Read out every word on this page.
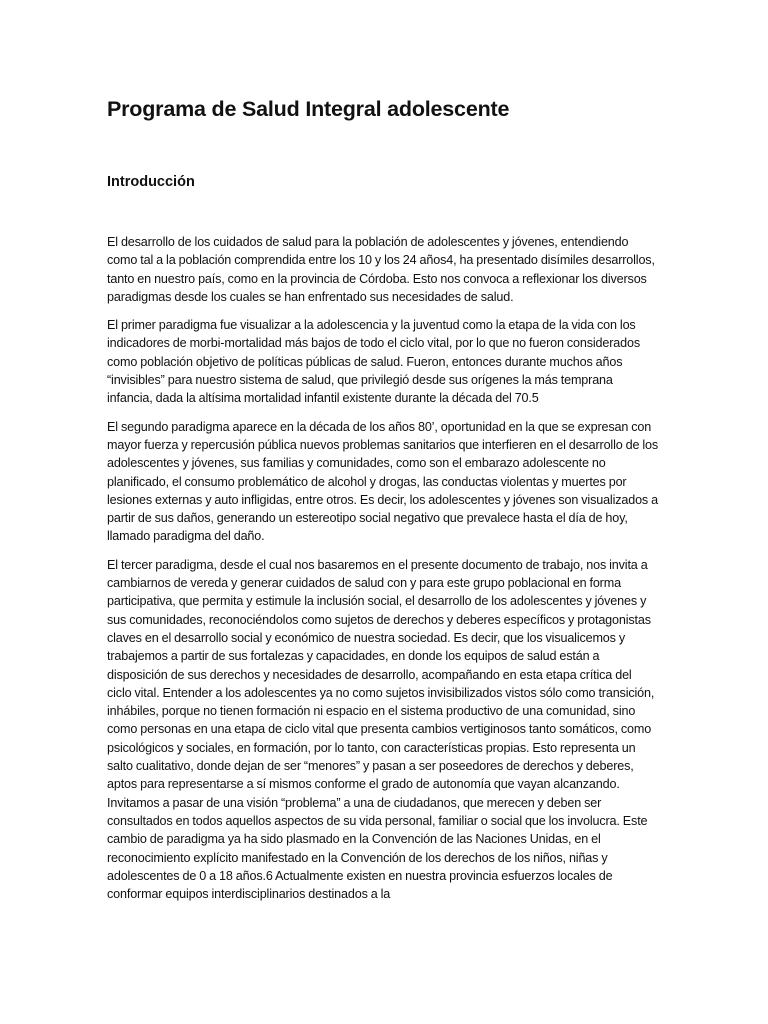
Programa de Salud Integral adolescente
Introducción

El desarrollo de los cuidados de salud para la población de adolescentes y jóvenes, entendiendo como tal a la población comprendida entre los 10 y los 24 años4, ha presentado disímiles desarrollos, tanto en nuestro país, como en la provincia de Córdoba. Esto nos convoca a reflexionar los diversos paradigmas desde los cuales se han enfrentado sus necesidades de salud.

El primer paradigma fue visualizar a la adolescencia y la juventud como la etapa de la vida con los indicadores de morbi-mortalidad más bajos de todo el ciclo vital, por lo que no fueron considerados como población objetivo de políticas públicas de salud. Fueron, entonces durante muchos años “invisibles” para nuestro sistema de salud, que privilegió desde sus orígenes la más temprana infancia, dada la altísima mortalidad infantil existente durante la década del 70.5

El segundo paradigma aparece en la década de los años 80’, oportunidad en la que se expresan con mayor fuerza y repercusión pública nuevos problemas sanitarios que interfieren en el desarrollo de los adolescentes y jóvenes, sus familias y comunidades, como son el embarazo adolescente no planificado, el consumo problemático de alcohol y drogas, las conductas violentas y muertes por lesiones externas y auto infligidas, entre otros. Es decir, los adolescentes y jóvenes son visualizados a partir de sus daños, generando un estereotipo social negativo que prevalece hasta el día de hoy, llamado paradigma del daño.

El tercer paradigma, desde el cual nos basaremos en el presente documento de trabajo, nos invita a cambiarnos de vereda y generar cuidados de salud con y para este grupo poblacional en forma participativa, que permita y estimule la inclusión social, el desarrollo de los adolescentes y jóvenes y sus comunidades, reconociéndolos como sujetos de derechos y deberes específicos y protagonistas claves en el desarrollo social y económico de nuestra sociedad. Es decir, que los visualicemos y trabajemos a partir de sus fortalezas y capacidades, en donde los equipos de salud están a disposición de sus derechos y necesidades de desarrollo, acompañando en esta etapa crítica del ciclo vital. Entender a los adolescentes ya no como sujetos invisibilizados vistos sólo como transición, inhábiles, porque no tienen formación ni espacio en el sistema productivo de una comunidad, sino como personas en una etapa de ciclo vital que presenta cambios vertiginosos tanto somáticos, como psicológicos y sociales, en formación, por lo tanto, con características propias. Esto representa un salto cualitativo, donde dejan de ser “menores” y pasan a ser poseedores de derechos y deberes, aptos para representarse a sí mismos conforme el grado de autonomía que vayan alcanzando. Invitamos a pasar de una visión “problema” a una de ciudadanos, que merecen y deben ser consultados en todos aquellos aspectos de su vida personal, familiar o social que los involucra. Este cambio de paradigma ya ha sido plasmado en la Convención de las Naciones Unidas, en el reconocimiento explícito manifestado en la Convención de los derechos de los niños, niñas y adolescentes de 0 a 18 años.6 Actualmente existen en nuestra provincia esfuerzos locales de conformar equipos interdisciplinarios destinados a la
